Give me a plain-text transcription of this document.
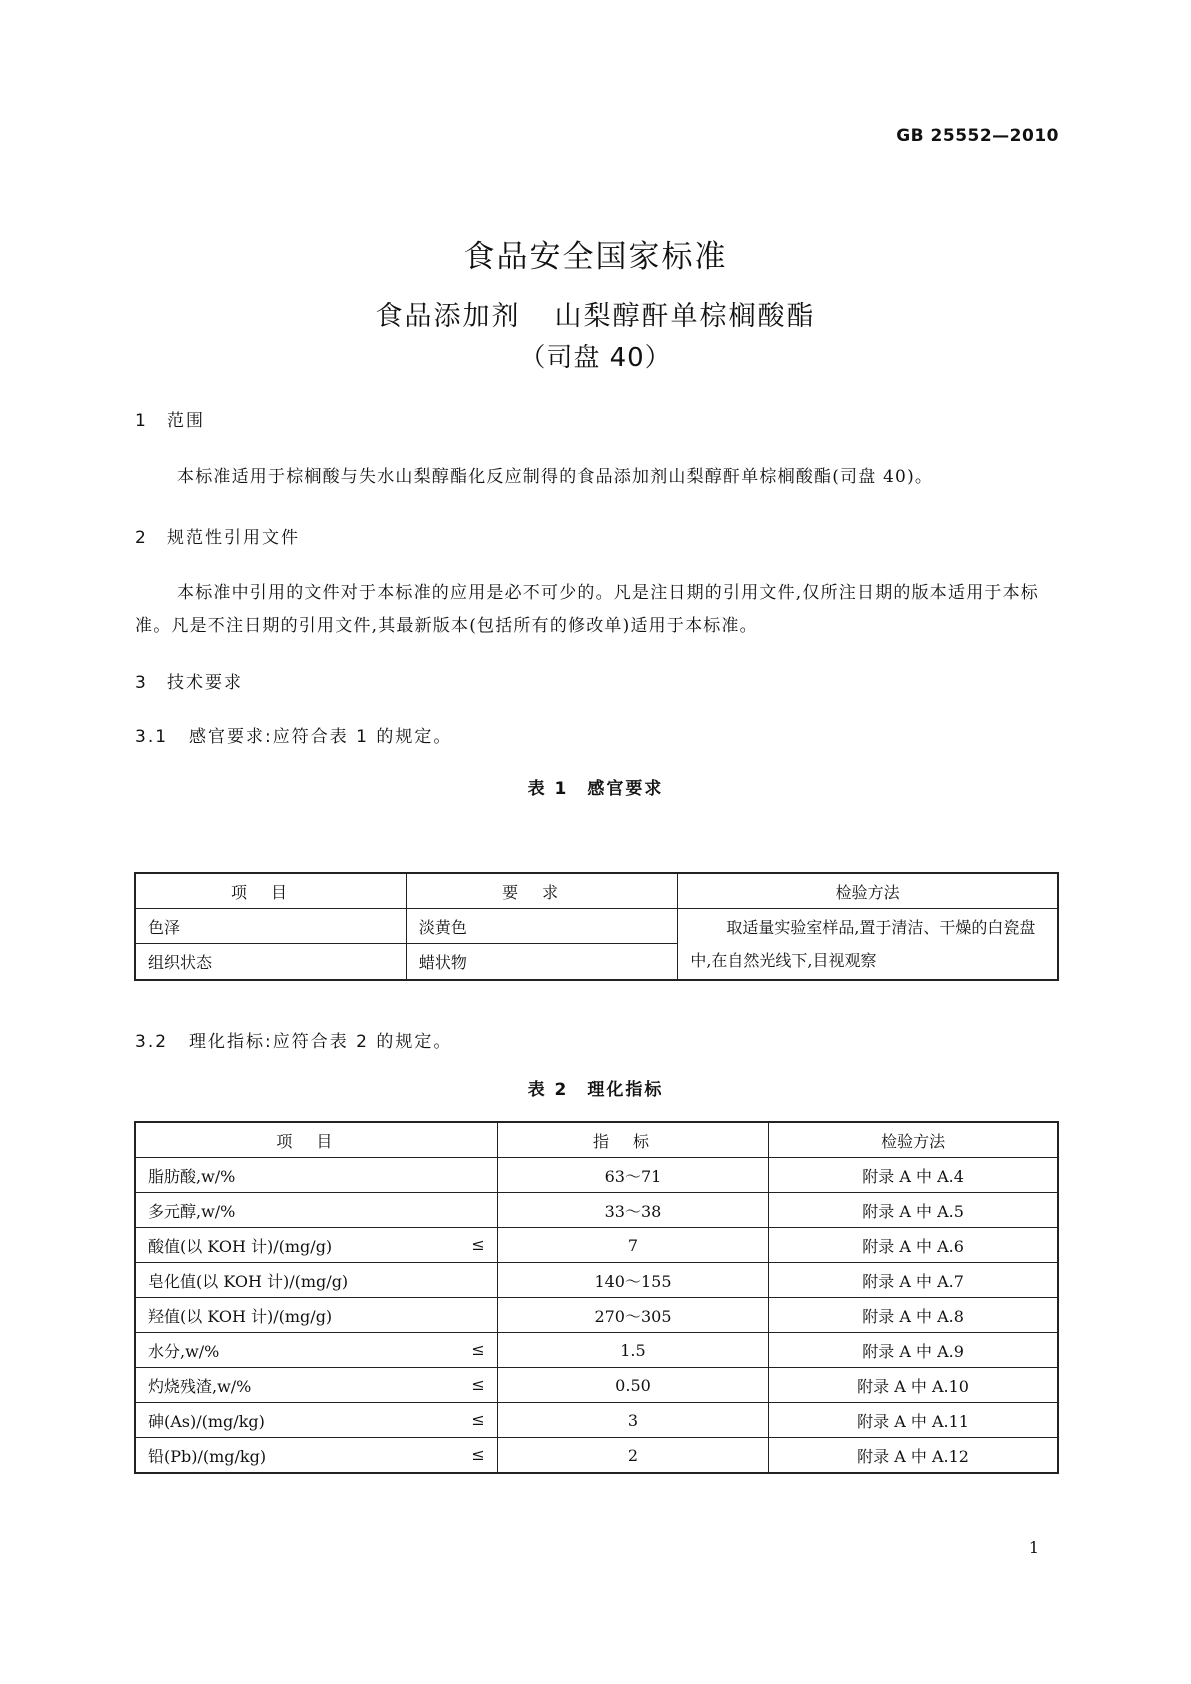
GB 25552—2010
食品安全国家标准
食品添加剂 山梨醇酐单棕榈酸酯
（司盘 40）
1 范围
本标准适用于棕榈酸与失水山梨醇酯化反应制得的食品添加剂山梨醇酐单棕榈酸酯(司盘 40)。
2 规范性引用文件
本标准中引用的文件对于本标准的应用是必不可少的。凡是注日期的引用文件,仅所注日期的版本适用于本标准。凡是不注日期的引用文件,其最新版本(包括所有的修改单)适用于本标准。
3 技术要求
3.1 感官要求:应符合表 1 的规定。
表 1　感官要求
项目	要求	检验方法
色泽	淡黄色	取适量实验室样品,置于清洁、干燥的白瓷盘中,在自然光线下,目视观察
组织状态	蜡状物	
3.2 理化指标:应符合表 2 的规定。
表 2　理化指标
项目	指标	检验方法
脂肪酸,w/%	63～71	附录 A 中 A.4
多元醇,w/%	33～38	附录 A 中 A.5
酸值(以 KOH 计)/(mg/g) ≤	7	附录 A 中 A.6
皂化值(以 KOH 计)/(mg/g)	140～155	附录 A 中 A.7
羟值(以 KOH 计)/(mg/g)	270～305	附录 A 中 A.8
水分,w/% ≤	1.5	附录 A 中 A.9
灼烧残渣,w/% ≤	0.50	附录 A 中 A.10
砷(As)/(mg/kg) ≤	3	附录 A 中 A.11
铅(Pb)/(mg/kg) ≤	2	附录 A 中 A.12
1
